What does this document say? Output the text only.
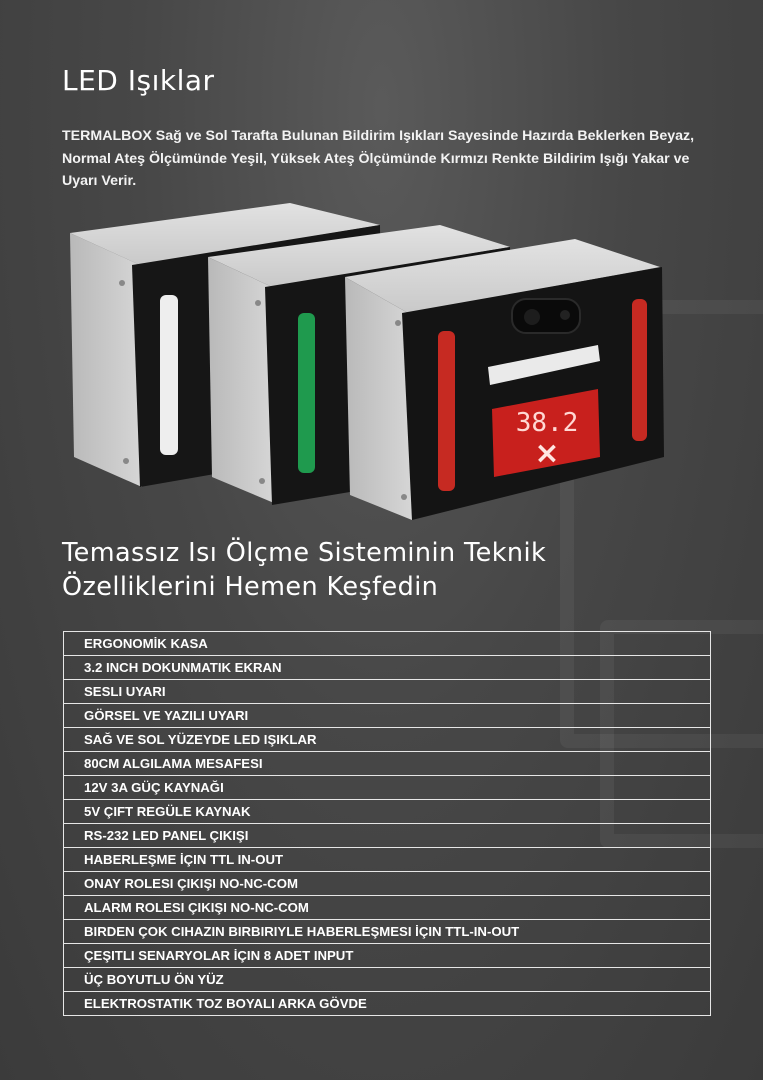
LED Işıklar

TERMALBOX Sağ ve Sol Tarafta Bulunan Bildirim Işıkları Sayesinde Hazırda Beklerken Beyaz, Normal Ateş Ölçümünde Yeşil, Yüksek Ateş Ölçümünde Kırmızı Renkte Bildirim Işığı Yakar ve Uyarı Verir.

38.2
×
Temassız Isı Ölçme Sisteminin Teknik
Özelliklerini Hemen Keşfedin
ERGONOMİK KASA
3.2 INCH DOKUNMATIK EKRAN
SESLI UYARI
GÖRSEL VE YAZILI UYARI
SAĞ VE SOL YÜZEYDE LED IŞIKLAR
80CM ALGILAMA MESAFESI
12V 3A GÜÇ KAYNAĞI
5V ÇIFT REGÜLE KAYNAK
RS-232 LED PANEL ÇIKIŞI
HABERLEŞME İÇIN TTL IN-OUT
ONAY ROLESI ÇIKIŞI NO-NC-COM
ALARM ROLESI ÇIKIŞI NO-NC-COM
BIRDEN ÇOK CIHAZIN BIRBIRIYLE HABERLEŞMESI İÇIN TTL-IN-OUT
ÇEŞITLI SENARYOLAR İÇIN 8 ADET INPUT
ÜÇ BOYUTLU ÖN YÜZ
ELEKTROSTATIK TOZ BOYALI ARKA GÖVDE
